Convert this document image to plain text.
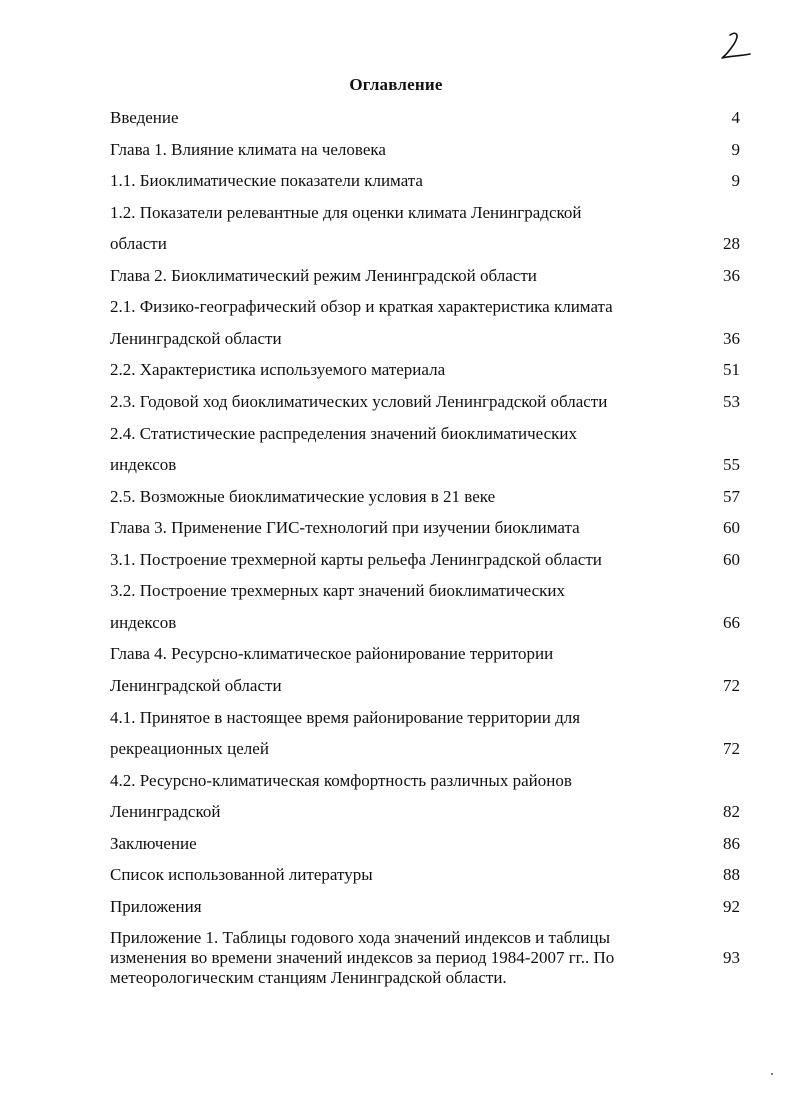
Оглавление
Введение	4
Глава 1. Влияние климата на человека	9
1.1. Биоклиматические показатели климата	9
1.2. Показатели релевантные для оценки климата Ленинградской
области	28
Глава 2. Биоклиматический режим Ленинградской области	36
2.1. Физико-географический обзор и краткая характеристика климата
Ленинградской области	36
2.2. Характеристика используемого материала	51
2.3. Годовой ход биоклиматических условий Ленинградской области	53
2.4. Статистические распределения значений биоклиматических
индексов	55
2.5. Возможные биоклиматические условия в 21 веке	57
Глава 3. Применение ГИС-технологий при изучении биоклимата	60
3.1. Построение трехмерной карты рельефа Ленинградской области	60
3.2. Построение трехмерных карт значений биоклиматических
индексов	66
Глава 4. Ресурсно-климатическое районирование территории
Ленинградской области	72
4.1. Принятое в настоящее время районирование территории для
рекреационных целей	72
4.2. Ресурсно-климатическая комфортность различных районов
Ленинградской	82
Заключение	86
Список использованной литературы	88
Приложения	92
Приложение 1. Таблицы годового хода значений индексов и таблицы
изменения во времени значений индексов за период 1984-2007 гг.. По
метеорологическим станциям Ленинградской области.
93
